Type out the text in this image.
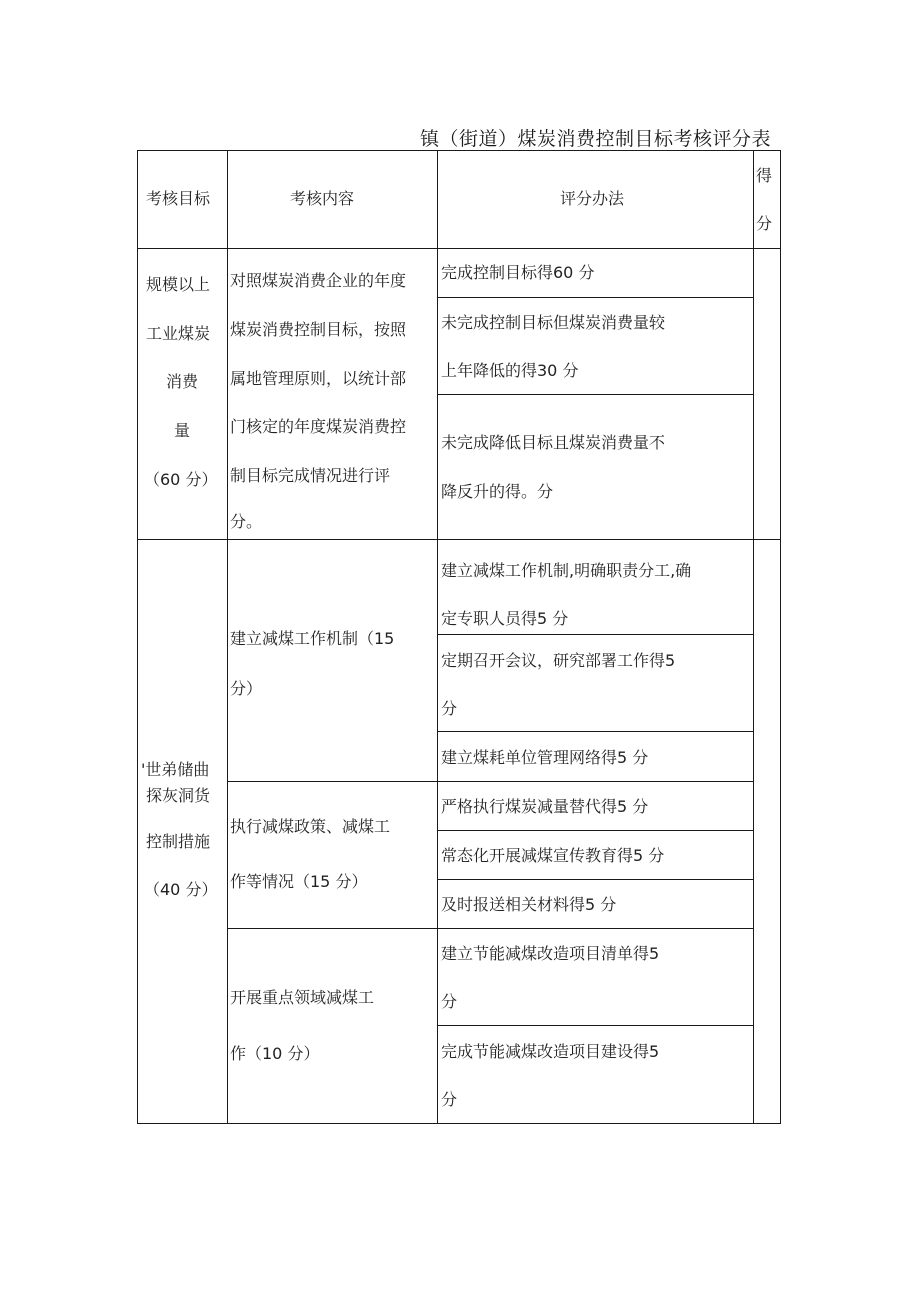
镇（街道）煤炭消费控制目标考核评分表
考核目标	考核内容	评分办法
得
分
规模以上
工业煤炭
消费
量
（60 分）
对照煤炭消费企业的年度
煤炭消费控制目标，按照
属地管理原则，以统计部
门核定的年度煤炭消费控
制目标完成情况进行评
分。
完成控制目标得60 分
未完成控制目标但煤炭消费量较
上年降低的得30 分
未完成降低目标且煤炭消费量不
降反升的得。分
'世弟储曲
探灰洞货
控制措施
（40 分）
建立减煤工作机制（15
分）
建立减煤工作机制,明确职责分工,确
定专职人员得5 分
定期召开会议，研究部署工作得5
分
建立煤耗单位管理网络得5 分
执行减煤政策、减煤工
作等情况（15 分）
严格执行煤炭减量替代得5 分
常态化开展减煤宣传教育得5 分
及时报送相关材料得5 分
开展重点领域减煤工
作（10 分）
建立节能减煤改造项目清单得5
分
完成节能减煤改造项目建设得5
分
